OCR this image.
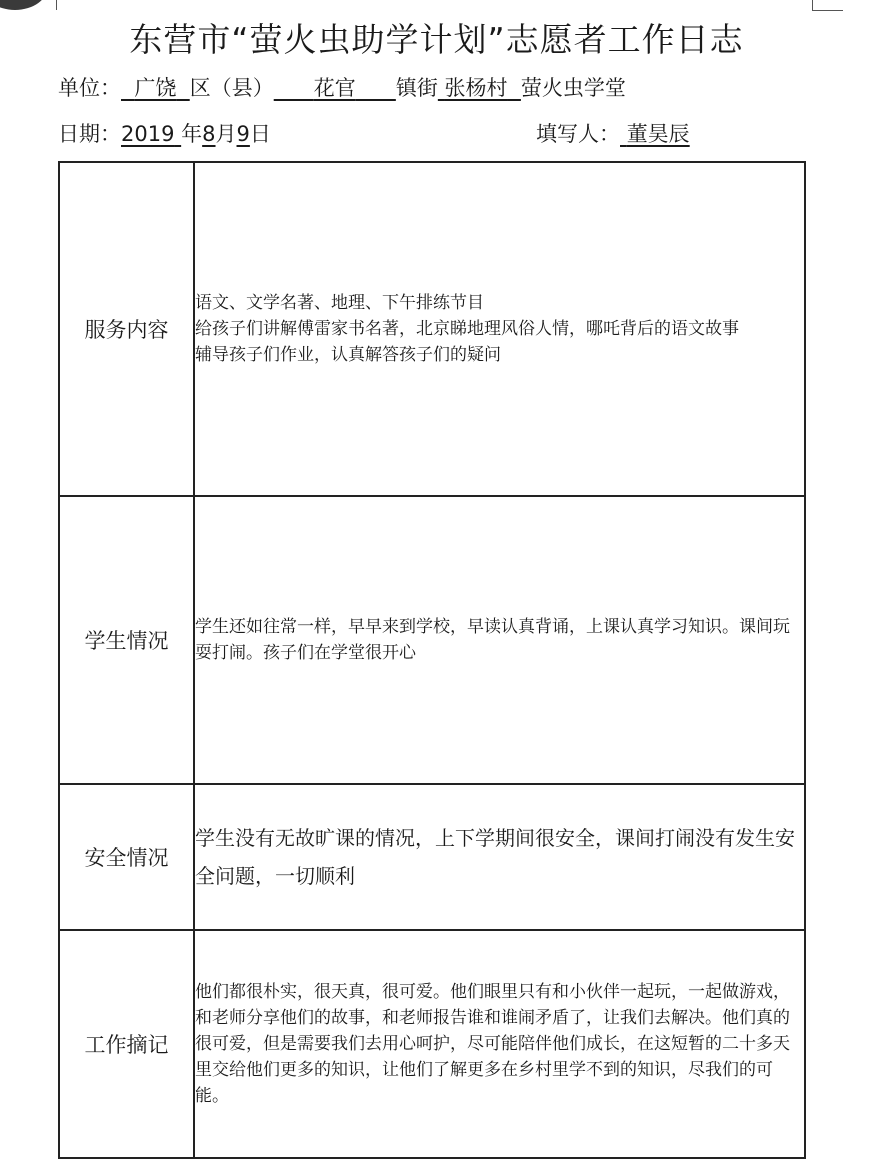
东营市“萤火虫助学计划”志愿者工作日志
单位： 广饶 区（县） 花官 镇街 张杨村 萤火虫学堂
日期：2019 年8月9日	填写人： 董昊辰
服务内容	语文、文学名著、地理、下午排练节目
给孩子们讲解傅雷家书名著，北京睇地理风俗人情，哪吒背后的语文故事
辅导孩子们作业，认真解答孩子们的疑问

学生情况	学生还如往常一样，早早来到学校，早读认真背诵，上课认真学习知识。课间玩耍打闹。孩子们在学堂很开心

安全情况	学生没有无故旷课的情况，上下学期间很安全，课间打闹没有发生安全问题，一切顺利

工作摘记	他们都很朴实，很天真，很可爱。他们眼里只有和小伙伴一起玩，一起做游戏，和老师分享他们的故事，和老师报告谁和谁闹矛盾了，让我们去解决。他们真的很可爱，但是需要我们去用心呵护，尽可能陪伴他们成长，在这短暂的二十多天里交给他们更多的知识，让他们了解更多在乡村里学不到的知识，尽我们的可能。
